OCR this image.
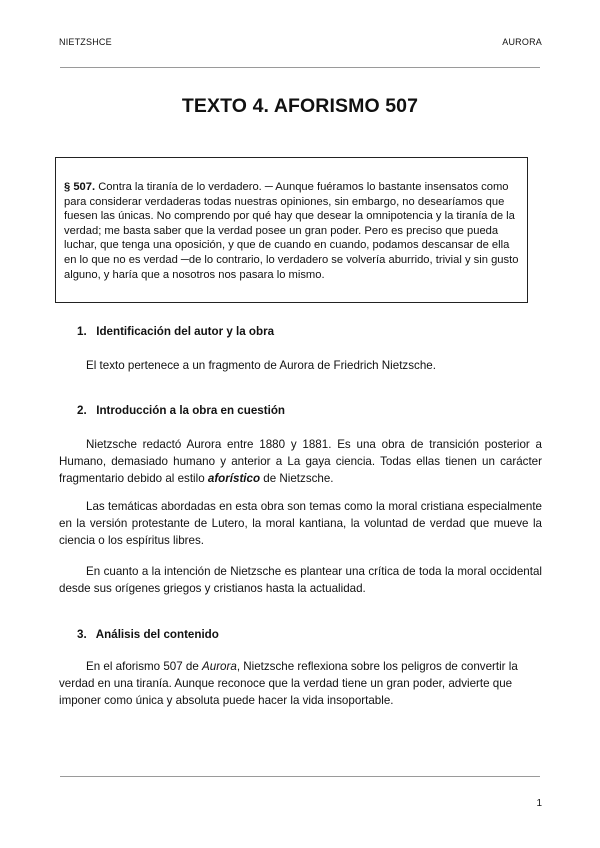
NIETZSHCE	AURORA
TEXTO 4. AFORISMO 507
§ 507. Contra la tiranía de lo verdadero. ─ Aunque fuéramos lo bastante insensatos como para considerar verdaderas todas nuestras opiniones, sin embargo, no desearíamos que fuesen las únicas. No comprendo por qué hay que desear la omnipotencia y la tiranía de la verdad; me basta saber que la verdad posee un gran poder. Pero es preciso que pueda luchar, que tenga una oposición, y que de cuando en cuando, podamos descansar de ella en lo que no es verdad ─de lo contrario, lo verdadero se volvería aburrido, trivial y sin gusto alguno, y haría que a nosotros nos pasara lo mismo.
1. Identificación del autor y la obra
El texto pertenece a un fragmento de Aurora de Friedrich Nietzsche.
2. Introducción a la obra en cuestión
Nietzsche redactó Aurora entre 1880 y 1881. Es una obra de transición posterior a Humano, demasiado humano y anterior a La gaya ciencia. Todas ellas tienen un carácter fragmentario debido al estilo aforístico de Nietzsche.
Las temáticas abordadas en esta obra son temas como la moral cristiana especialmente en la versión protestante de Lutero, la moral kantiana, la voluntad de verdad que mueve la ciencia o los espíritus libres.
En cuanto a la intención de Nietzsche es plantear una crítica de toda la moral occidental desde sus orígenes griegos y cristianos hasta la actualidad.
3. Análisis del contenido
En el aforismo 507 de Aurora, Nietzsche reflexiona sobre los peligros de convertir la verdad en una tiranía. Aunque reconoce que la verdad tiene un gran poder, advierte que imponer como única y absoluta puede hacer la vida insoportable.
1
